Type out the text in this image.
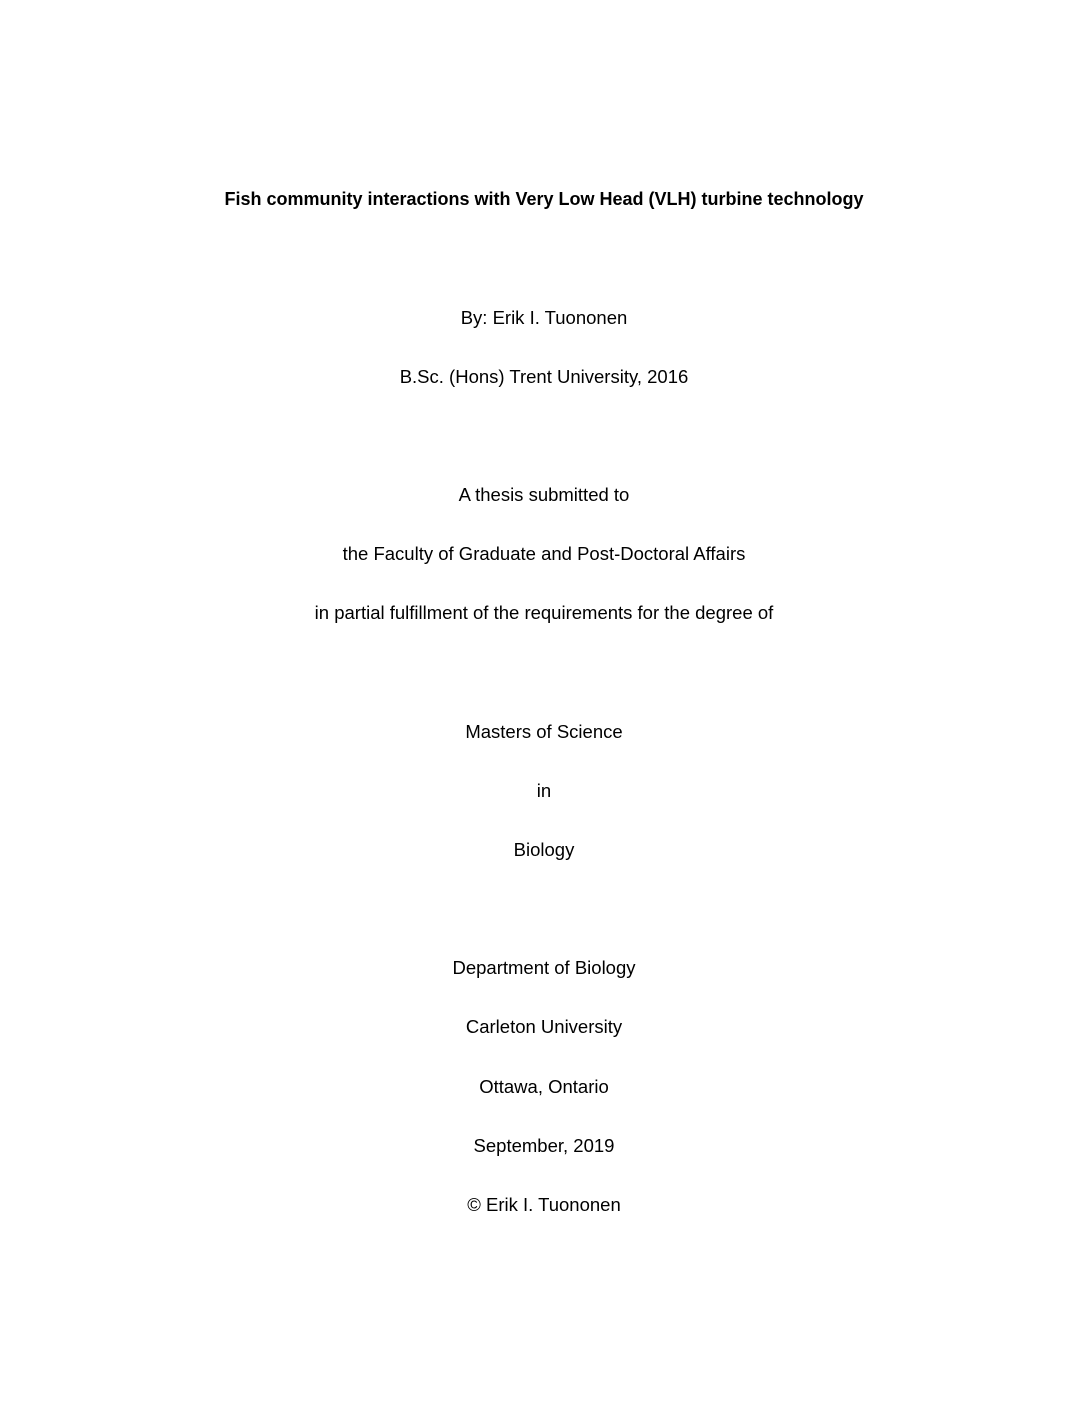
Fish community interactions with Very Low Head (VLH) turbine technology
By: Erik I. Tuononen
B.Sc. (Hons) Trent University, 2016
A thesis submitted to
the Faculty of Graduate and Post-Doctoral Affairs
in partial fulfillment of the requirements for the degree of
Masters of Science
in
Biology
Department of Biology
Carleton University
Ottawa, Ontario
September, 2019
© Erik I. Tuononen
